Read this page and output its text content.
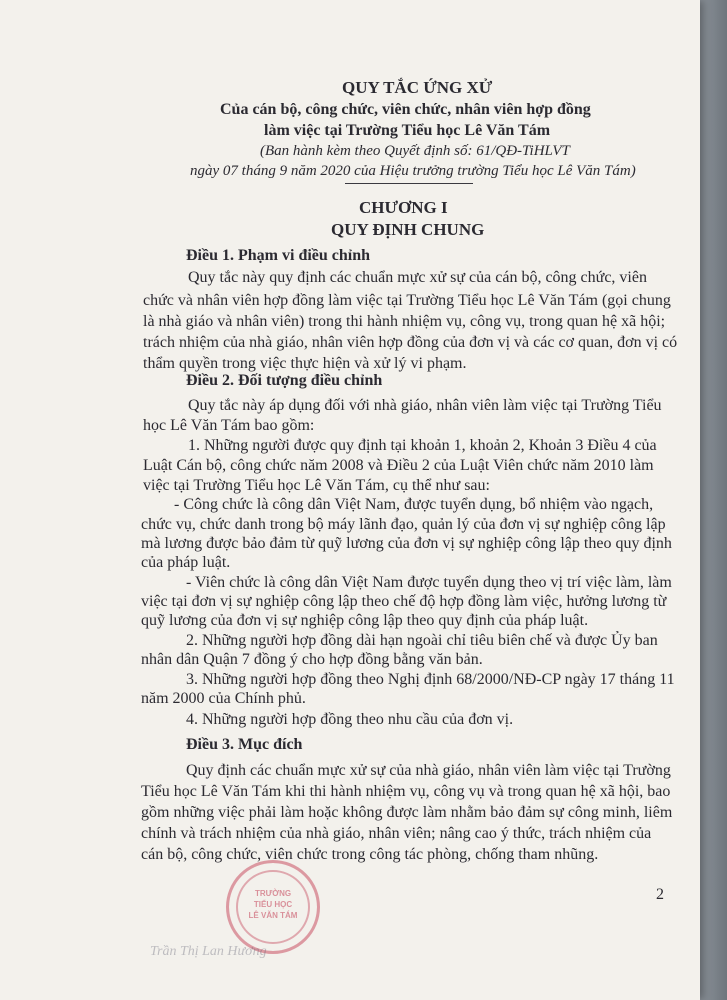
QUY TẮC ỨNG XỬ
Của cán bộ, công chức, viên chức, nhân viên hợp đồng
làm việc tại Trường Tiểu học Lê Văn Tám
(Ban hành kèm theo Quyết định số: 61/QĐ-TiHLVT
ngày 07 tháng 9 năm 2020 của Hiệu trưởng trường Tiểu học Lê Văn Tám)
CHƯƠNG I
QUY ĐỊNH CHUNG
Điều 1. Phạm vi điều chỉnh
Quy tắc này quy định các chuẩn mực xử sự của cán bộ, công chức, viên
chức và nhân viên hợp đồng làm việc tại Trường Tiểu học Lê Văn Tám (gọi chung
là nhà giáo và nhân viên) trong thi hành nhiệm vụ, công vụ, trong quan hệ xã hội;
trách nhiệm của nhà giáo, nhân viên hợp đồng của đơn vị và các cơ quan, đơn vị có
thẩm quyền trong việc thực hiện và xử lý vi phạm.
Điều 2. Đối tượng điều chỉnh
Quy tắc này áp dụng đối với nhà giáo, nhân viên làm việc tại Trường Tiểu
học Lê Văn Tám bao gồm:
1. Những người được quy định tại khoản 1, khoản 2, Khoản 3 Điều 4 của
Luật Cán bộ, công chức năm 2008 và Điều 2 của Luật Viên chức năm 2010 làm
việc tại Trường Tiểu học Lê Văn Tám, cụ thể như sau:
- Công chức là công dân Việt Nam, được tuyển dụng, bổ nhiệm vào ngạch,
chức vụ, chức danh trong bộ máy lãnh đạo, quản lý của đơn vị sự nghiệp công lập
mà lương được bảo đảm từ quỹ lương của đơn vị sự nghiệp công lập theo quy định
của pháp luật.
- Viên chức là công dân Việt Nam được tuyển dụng theo vị trí việc làm, làm
việc tại đơn vị sự nghiệp công lập theo chế độ hợp đồng làm việc, hưởng lương từ
quỹ lương của đơn vị sự nghiệp công lập theo quy định của pháp luật.
2. Những người hợp đồng dài hạn ngoài chỉ tiêu biên chế và được Ủy ban
nhân dân Quận 7 đồng ý cho hợp đồng bằng văn bản.
3. Những người hợp đồng theo Nghị định 68/2000/NĐ-CP ngày 17 tháng 11
năm 2000 của Chính phủ.
4. Những người hợp đồng theo nhu cầu của đơn vị.
Điều 3. Mục đích
Quy định các chuẩn mực xử sự của nhà giáo, nhân viên làm việc tại Trường
Tiểu học Lê Văn Tám khi thi hành nhiệm vụ, công vụ và trong quan hệ xã hội, bao
gồm những việc phải làm hoặc không được làm nhằm bảo đảm sự công minh, liêm
chính và trách nhiệm của nhà giáo, nhân viên; nâng cao ý thức, trách nhiệm của
cán bộ, công chức, viên chức trong công tác phòng, chống tham nhũng.
2
TRƯỜNG
TIỂU HỌC
LÊ VĂN TÁM
Trần Thị Lan Hương
